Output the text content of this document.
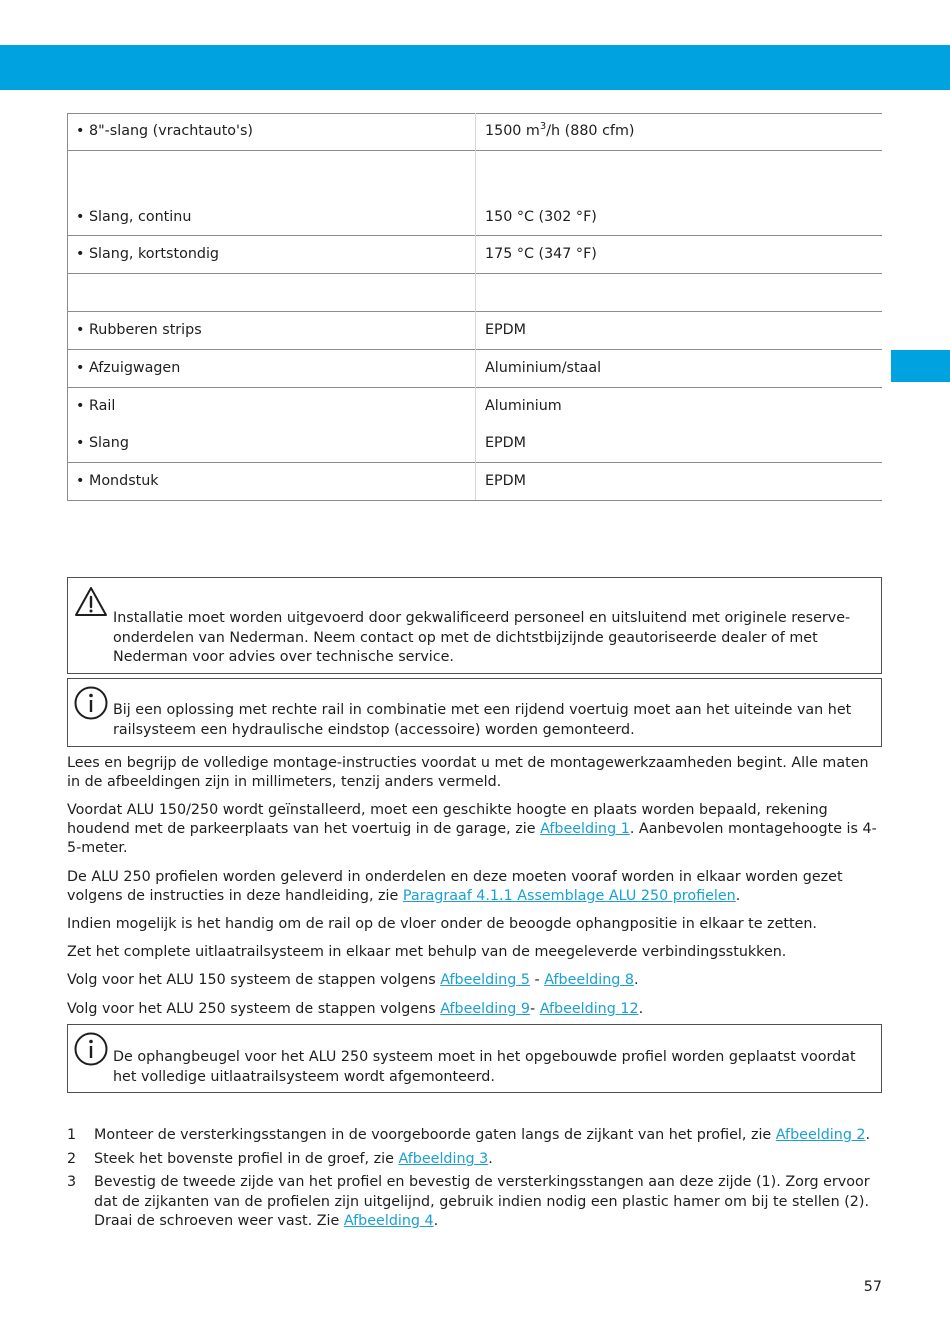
• 8"-slang (vrachtauto's)	1500 $m^3/h$ (880 cfm)
• Slang, continu	150 °C (302 °F)
• Slang, kortstondig	175 °C (347 °F)

• Rubberen strips	EPDM
• Afzuigwagen	Aluminium/staal
• Rail	Aluminium
• Slang	EPDM
• Mondstuk	EPDM
Installatie moet worden uitgevoerd door gekwalificeerd personeel en uitsluitend met originele reserve-onderdelen van Nederman. Neem contact op met de dichtstbijzijnde geautoriseerde dealer of met Nederman voor advies over technische service.
Bij een oplossing met rechte rail in combinatie met een rijdend voertuig moet aan het uiteinde van het railsysteem een hydraulische eindstop (accessoire) worden gemonteerd.

Lees en begrijp de volledige montage-instructies voordat u met de montagewerkzaamheden begint. Alle maten in de afbeeldingen zijn in millimeters, tenzij anders vermeld.

Voordat ALU 150/250 wordt geïnstalleerd, moet een geschikte hoogte en plaats worden bepaald, rekening houdend met de parkeerplaats van het voertuig in de garage, zie Afbeelding 1. Aanbevolen montagehoogte is 4-5-meter.

De ALU 250 profielen worden geleverd in onderdelen en deze moeten vooraf worden in elkaar worden gezet volgens de instructies in deze handleiding, zie Paragraaf 4.1.1 Assemblage ALU 250 profielen.

Indien mogelijk is het handig om de rail op de vloer onder de beoogde ophangpositie in elkaar te zetten.

Zet het complete uitlaatrailsysteem in elkaar met behulp van de meegeleverde verbindingsstukken.

Volg voor het ALU 150 systeem de stappen volgens Afbeelding 5 - Afbeelding 8.

Volg voor het ALU 250 systeem de stappen volgens Afbeelding 9- Afbeelding 12.

De ophangbeugel voor het ALU 250 systeem moet in het opgebouwde profiel worden geplaatst voordat het volledige uitlaatrailsysteem wordt afgemonteerd.
1	Monteer de versterkingsstangen in de voorgeboorde gaten langs de zijkant van het profiel, zie Afbeelding 2.
2	Steek het bovenste profiel in de groef, zie Afbeelding 3.
3	Bevestig de tweede zijde van het profiel en bevestig de versterkingsstangen aan deze zijde (1). Zorg ervoor dat de zijkanten van de profielen zijn uitgelijnd, gebruik indien nodig een plastic hamer om bij te stellen (2). Draai de schroeven weer vast. Zie Afbeelding 4.
57
